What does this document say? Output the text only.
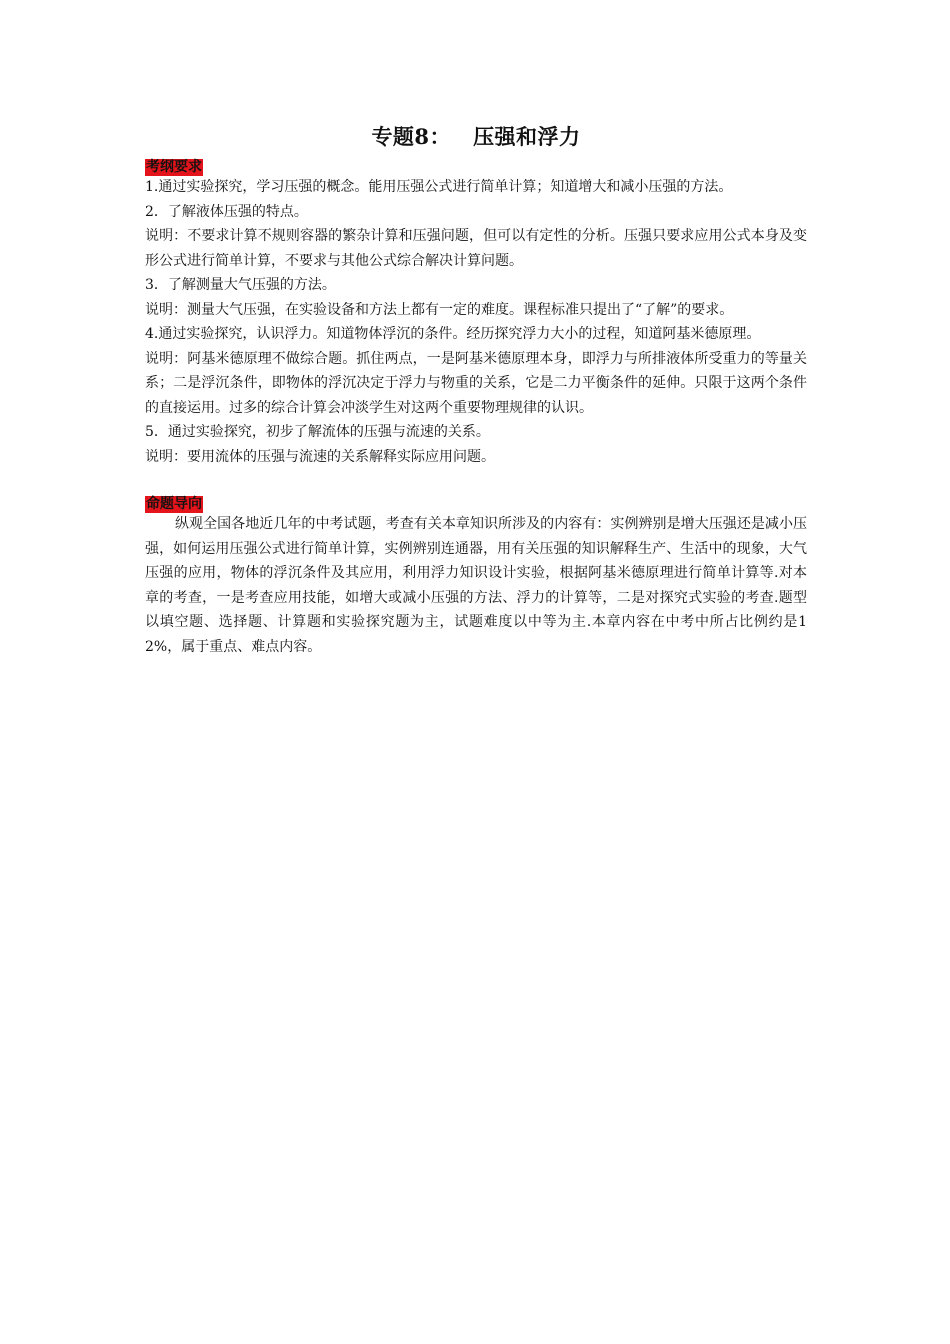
专题8： 压强和浮力
考纲要求

1.通过实验探究，学习压强的概念。能用压强公式进行简单计算；知道增大和减小压强的方法。

2．了解液体压强的特点。

说明：不要求计算不规则容器的繁杂计算和压强问题，但可以有定性的分析。压强只要求应用公式本身及变形公式进行简单计算，不要求与其他公式综合解决计算问题。

3．了解测量大气压强的方法。

说明：测量大气压强，在实验设备和方法上都有一定的难度。课程标准只提出了“了解”的要求。

4.通过实验探究，认识浮力。知道物体浮沉的条件。经历探究浮力大小的过程，知道阿基米德原理。

说明：阿基米德原理不做综合题。抓住两点，一是阿基米德原理本身，即浮力与所排液体所受重力的等量关系；二是浮沉条件，即物体的浮沉决定于浮力与物重的关系，它是二力平衡条件的延伸。只限于这两个条件的直接运用。过多的综合计算会冲淡学生对这两个重要物理规律的认识。

5．通过实验探究，初步了解流体的压强与流速的关系。

说明：要用流体的压强与流速的关系解释实际应用问题。

命题导向

纵观全国各地近几年的中考试题，考查有关本章知识所涉及的内容有：实例辨别是增大压强还是减小压强，如何运用压强公式进行简单计算，实例辨别连通器，用有关压强的知识解释生产、生活中的现象，大气压强的应用，物体的浮沉条件及其应用，利用浮力知识设计实验，根据阿基米德原理进行简单计算等.对本章的考查，一是考查应用技能，如增大或减小压强的方法、浮力的计算等，二是对探究式实验的考查.题型以填空题、选择题、计算题和实验探究题为主，试题难度以中等为主.本章内容在中考中所占比例约是12%，属于重点、难点内容。
